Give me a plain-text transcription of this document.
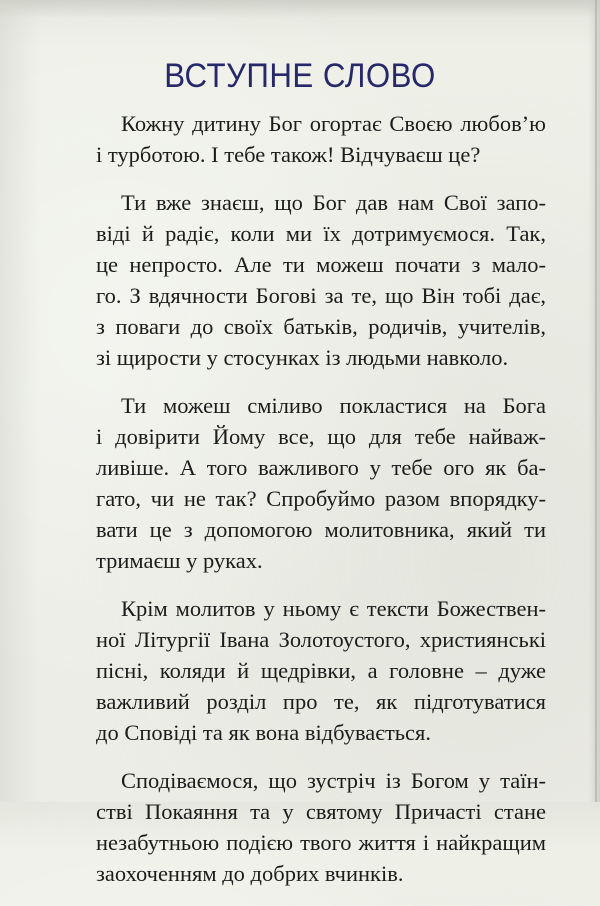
ВСТУПНЕ СЛОВО

Кожну дитину Бог огортає Своєю любов’ю
і турботою. І тебе також! Відчуваєш це?

Ти вже знаєш, що Бог дав нам Свої запо-
віді й радіє, коли ми їх дотримуємося. Так,
це непросто. Але ти можеш почати з мало-
го. З вдячности Богові за те, що Він тобі дає,
з поваги до своїх батьків, родичів, учителів,
зі щирости у стосунках із людьми навколо.

Ти можеш сміливо покластися на Бога
і довірити Йому все, що для тебе найваж-
ливіше. А того важливого у тебе ого як ба-
гато, чи не так? Спробуймо разом впорядку-
вати це з допомогою молитовника, який ти
тримаєш у руках.

Крім молитов у ньому є тексти Божествен-
ної Літургії Івана Золотоустого, християнські
пісні, коляди й щедрівки, а головне – дуже
важливий розділ про те, як підготуватися
до Сповіді та як вона відбувається.

Сподіваємося, що зустріч із Богом у таїн-
стві Покаяння та у святому Причасті стане
незабутньою подією твого життя і найкращим
заохоченням до добрих вчинків.
